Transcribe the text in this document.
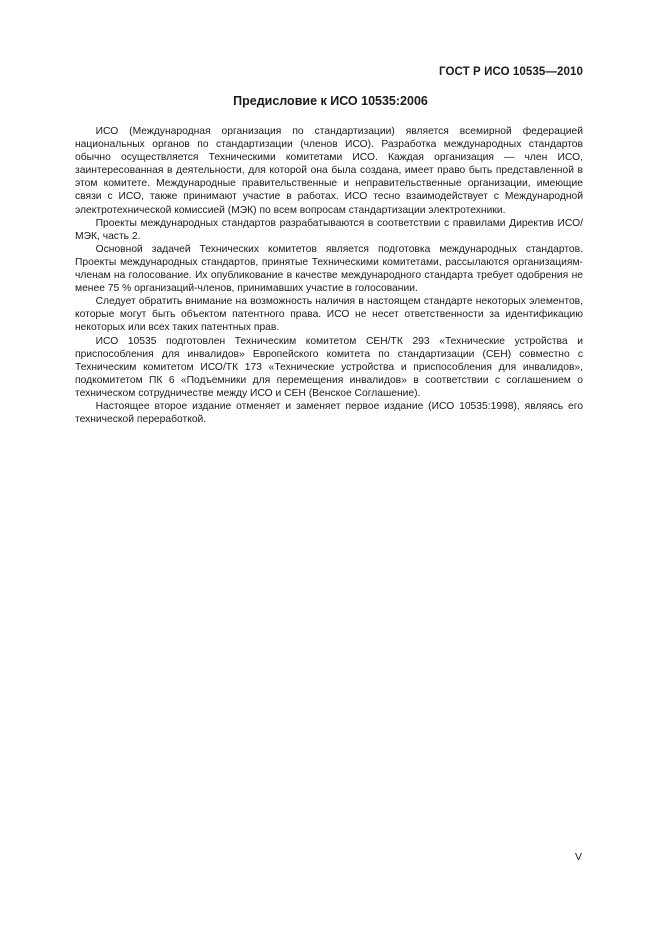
ГОСТ Р ИСО 10535—2010
Предисловие к ИСО 10535:2006

ИСО (Международная организация по стандартизации) является всемирной федерацией национальных органов по стандартизации (членов ИСО). Разработка международных стандартов обычно осуществляется Техническими комитетами ИСО. Каждая организация — член ИСО, заинтересованная в деятельности, для которой она была создана, имеет право быть представленной в этом комитете. Международные правительственные и неправительственные организации, имеющие связи с ИСО, также принимают участие в работах. ИСО тесно взаимодействует с Международной электротехнической комиссией (МЭК) по всем вопросам стандартизации электротехники.

Проекты международных стандартов разрабатываются в соответствии с правилами Директив ИСО/МЭК, часть 2.

Основной задачей Технических комитетов является подготовка международных стандартов. Проекты международных стандартов, принятые Техническими комитетами, рассылаются организациям-членам на голосование. Их опубликование в качестве международного стандарта требует одобрения не менее 75 % организаций-членов, принимавших участие в голосовании.

Следует обратить внимание на возможность наличия в настоящем стандарте некоторых элементов, которые могут быть объектом патентного права. ИСО не несет ответственности за идентификацию некоторых или всех таких патентных прав.

ИСО 10535 подготовлен Техническим комитетом СЕН/ТК 293 «Технические устройства и приспособления для инвалидов» Европейского комитета по стандартизации (СЕН) совместно с Техническим комитетом ИСО/ТК 173 «Технические устройства и приспособления для инвалидов», подкомитетом ПК 6 «Подъемники для перемещения инвалидов» в соответствии с соглашением о техническом сотрудничестве между ИСО и СЕН (Венское Соглашение).

Настоящее второе издание отменяет и заменяет первое издание (ИСО 10535:1998), являясь его технической переработкой.

V
